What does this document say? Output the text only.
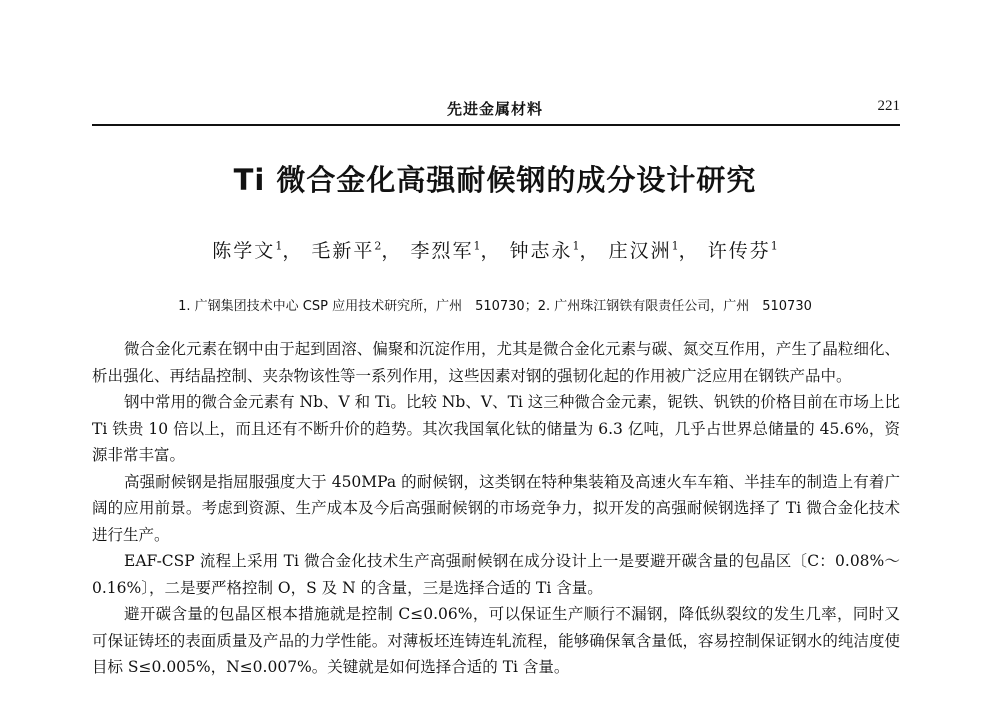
先进金属材料	221
Ti 微合金化高强耐候钢的成分设计研究
陈学文$^1$， 毛新平$^2$， 李烈军$^1$， 钟志永$^1$， 庄汉洲$^1$， 许传芬$^1$
1. 广钢集团技术中心 CSP 应用技术研究所，广州　510730；2. 广州珠江钢铁有限责任公司，广州　510730

微合金化元素在钢中由于起到固溶、偏聚和沉淀作用，尤其是微合金化元素与碳、氮交互作用，产生了晶粒细化、析出强化、再结晶控制、夹杂物该性等一系列作用，这些因素对钢的强韧化起的作用被广泛应用在钢铁产品中。

钢中常用的微合金元素有 Nb、V 和 Ti。比较 Nb、V、Ti 这三种微合金元素，铌铁、钒铁的价格目前在市场上比 Ti 铁贵 10 倍以上，而且还有不断升价的趋势。其次我国氧化钛的储量为 6.3 亿吨，几乎占世界总储量的 45.6%，资源非常丰富。

高强耐候钢是指屈服强度大于 450MPa 的耐候钢，这类钢在特种集装箱及高速火车车箱、半挂车的制造上有着广阔的应用前景。考虑到资源、生产成本及今后高强耐候钢的市场竞争力，拟开发的高强耐候钢选择了 Ti 微合金化技术进行生产。

EAF-CSP 流程上采用 Ti 微合金化技术生产高强耐候钢在成分设计上一是要避开碳含量的包晶区〔C：0.08%～0.16%〕，二是要严格控制 O，S 及 N 的含量，三是选择合适的 Ti 含量。

避开碳含量的包晶区根本措施就是控制 C≤0.06%，可以保证生产顺行不漏钢，降低纵裂纹的发生几率，同时又可保证铸坯的表面质量及产品的力学性能。对薄板坯连铸连轧流程，能够确保氧含量低，容易控制保证钢水的纯洁度使目标 S≤0.005%，N≤0.007%。关键就是如何选择合适的 Ti 含量。
